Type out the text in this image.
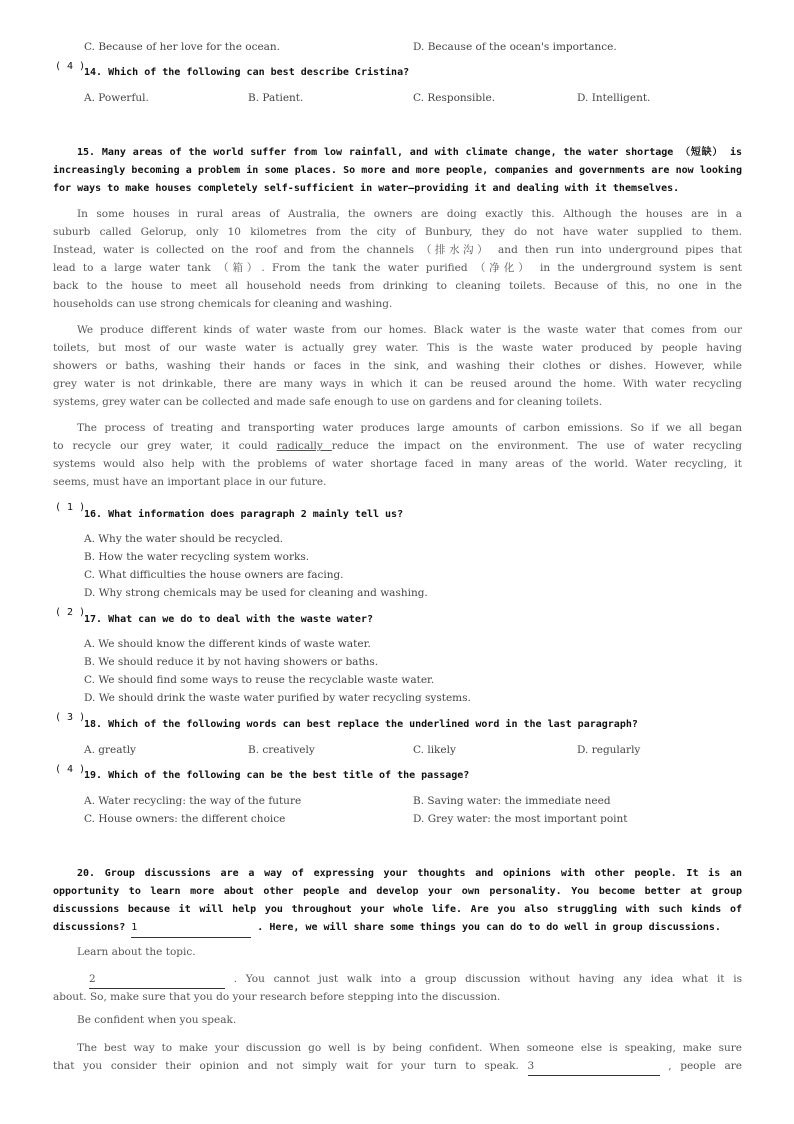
C. Because of her love for the ocean.	D. Because of the ocean's importance.
( 4 )
14. Which of the following can best describe Cristina?
A. Powerful.	B. Patient.	C. Responsible.	D. Intelligent.
15. Many areas of the world suffer from low rainfall, and with climate change, the water shortage （短缺） is
increasingly becoming a problem in some places. So more and more people, companies and governments are now looking
for ways to make houses completely self-sufficient in water—providing it and dealing with it themselves.
In some houses in rural areas of Australia, the owners are doing exactly this. Although the houses are in a
suburb called Gelorup, only 10 kilometres from the city of Bunbury, they do not have water supplied to them.
Instead, water is collected on the roof and from the channels （排水沟） and then run into underground pipes that
lead to a large water tank （箱）. From the tank the water purified （净化） in the underground system is sent
back to the house to meet all household needs from drinking to cleaning toilets. Because of this, no one in the
households can use strong chemicals for cleaning and washing.
We produce different kinds of water waste from our homes. Black water is the waste water that comes from our
toilets, but most of our waste water is actually grey water. This is the waste water produced by people having
showers or baths, washing their hands or faces in the sink, and washing their clothes or dishes. However, while
grey water is not drinkable, there are many ways in which it can be reused around the home. With water recycling
systems, grey water can be collected and made safe enough to use on gardens and for cleaning toilets.
The process of treating and transporting water produces large amounts of carbon emissions. So if we all began
to recycle our grey water, it could radically reduce the impact on the environment. The use of water recycling
systems would also help with the problems of water shortage faced in many areas of the world. Water recycling, it
seems, must have an important place in our future.
( 1 )
16. What information does paragraph 2 mainly tell us?
A. Why the water should be recycled.
B. How the water recycling system works.
C. What difficulties the house owners are facing.
D. Why strong chemicals may be used for cleaning and washing.
( 2 )
17. What can we do to deal with the waste water?
A. We should know the different kinds of waste water.
B. We should reduce it by not having showers or baths.
C. We should find some ways to reuse the recyclable waste water.
D. We should drink the waste water purified by water recycling systems.
( 3 )
18. Which of the following words can best replace the underlined word in the last paragraph?
A. greatly	B. creatively	C. likely	D. regularly
( 4 )
19. Which of the following can be the best title of the passage?
A. Water recycling: the way of the future	B. Saving water: the immediate need
C. House owners: the different choice	D. Grey water: the most important point
20. Group discussions are a way of expressing your thoughts and opinions with other people. It is an
opportunity to learn more about other people and develop your own personality. You become better at group
discussions because it will help you throughout your whole life. Are you also struggling with such kinds of
discussions? 1	. Here, we will share some things you can do to do well in group discussions.
Learn about the topic.
2	. You cannot just walk into a group discussion without having any idea what it is
about. So, make sure that you do your research before stepping into the discussion.
Be confident when you speak.
The best way to make your discussion go well is by being confident. When someone else is speaking, make sure
that you consider their opinion and not simply wait for your turn to speak. 3	, people are
